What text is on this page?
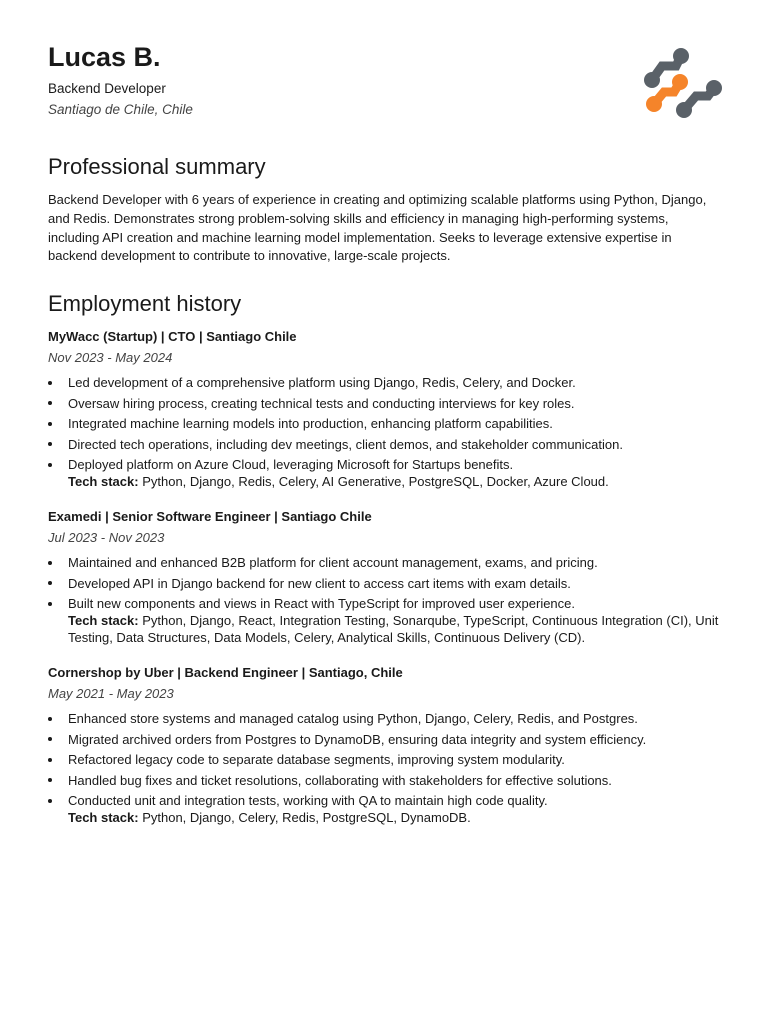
Lucas B.
Backend Developer
Santiago de Chile, Chile
Professional summary

Backend Developer with 6 years of experience in creating and optimizing scalable platforms using Python, Django, and Redis. Demonstrates strong problem-solving skills and efficiency in managing high-performing systems, including API creation and machine learning model implementation. Seeks to leverage extensive expertise in backend development to contribute to innovative, large-scale projects.

Employment history
MyWacc (Startup) | CTO | Santiago Chile
Nov 2023 - May 2024
Led development of a comprehensive platform using Django, Redis, Celery, and Docker.
Oversaw hiring process, creating technical tests and conducting interviews for key roles.
Integrated machine learning models into production, enhancing platform capabilities.
Directed tech operations, including dev meetings, client demos, and stakeholder communication.
Deployed platform on Azure Cloud, leveraging Microsoft for Startups benefits.
Tech stack: Python, Django, Redis, Celery, AI Generative, PostgreSQL, Docker, Azure Cloud.
Examedi | Senior Software Engineer | Santiago Chile
Jul 2023 - Nov 2023
Maintained and enhanced B2B platform for client account management, exams, and pricing.
Developed API in Django backend for new client to access cart items with exam details.
Built new components and views in React with TypeScript for improved user experience.
Tech stack: Python, Django, React, Integration Testing, Sonarqube, TypeScript, Continuous Integration (CI), Unit Testing, Data Structures, Data Models, Celery, Analytical Skills, Continuous Delivery (CD).
Cornershop by Uber | Backend Engineer | Santiago, Chile
May 2021 - May 2023
Enhanced store systems and managed catalog using Python, Django, Celery, Redis, and Postgres.
Migrated archived orders from Postgres to DynamoDB, ensuring data integrity and system efficiency.
Refactored legacy code to separate database segments, improving system modularity.
Handled bug fixes and ticket resolutions, collaborating with stakeholders for effective solutions.
Conducted unit and integration tests, working with QA to maintain high code quality.
Tech stack: Python, Django, Celery, Redis, PostgreSQL, DynamoDB.
